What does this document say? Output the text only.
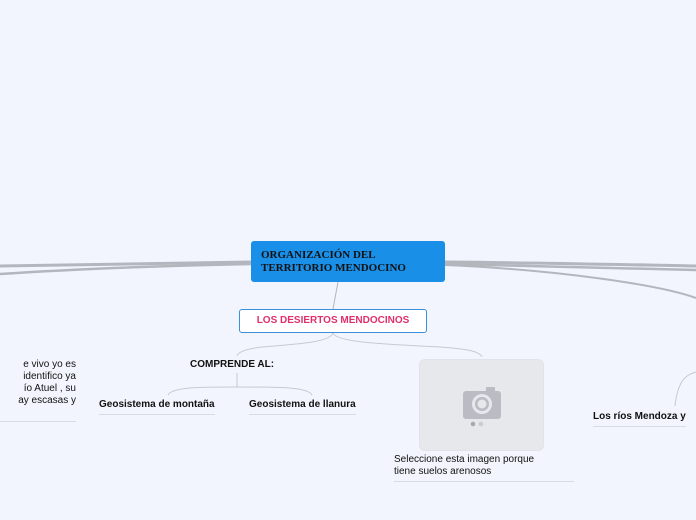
ORGANIZACIÓN DEL
TERRITORIO MENDOCINO
LOS DESIERTOS MENDOCINOS
COMPRENDE AL:
Geosistema de montaña	Geosistema de llanura
Los ríos Mendoza y
e vivo yo es
identifico ya
ío Atuel , su
ay escasas y
Seleccione esta imagen porque
tiene suelos arenosos
